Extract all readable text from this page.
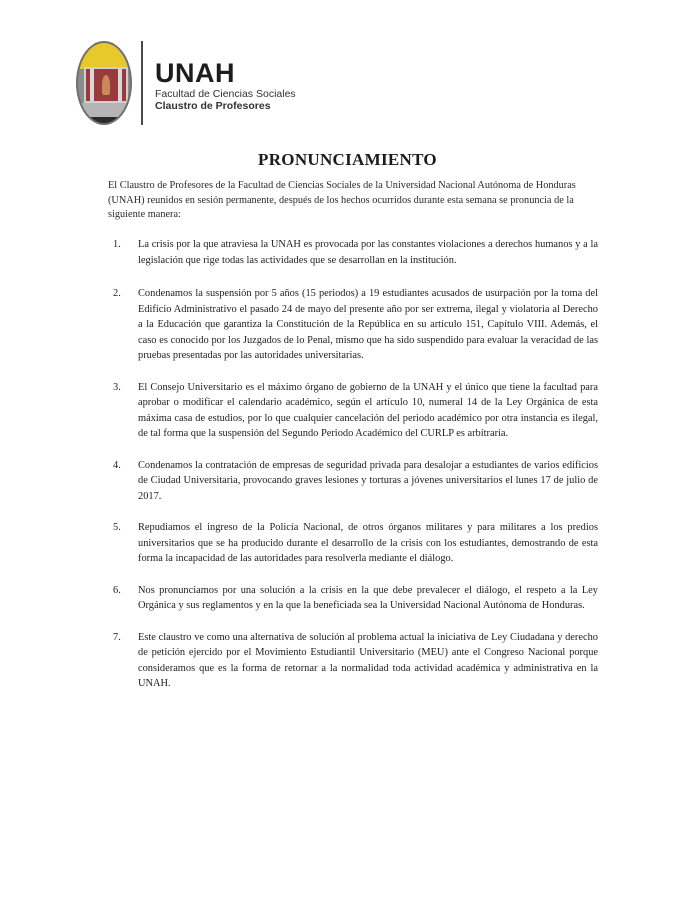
UNAH
Facultad de Ciencias Sociales
Claustro de Profesores
PRONUNCIAMIENTO

El Claustro de Profesores de la Facultad de Ciencias Sociales de la Universidad Nacional Autónoma de Honduras (UNAH) reunidos en sesión permanente, después de los hechos ocurridos durante esta semana se pronuncia de la siguiente manera:

1.	La crisis por la que atraviesa la UNAH es provocada por las constantes violaciones a derechos humanos y a la legislación que rige todas las actividades que se desarrollan en la institución.
2.	Condenamos la suspensión por 5 años (15 periodos) a 19 estudiantes acusados de usurpación por la toma del Edificio Administrativo el pasado 24 de mayo del presente año por ser extrema, ilegal y violatoria al Derecho a la Educación que garantiza la Constitución de la República en su artículo 151, Capítulo VIII. Además, el caso es conocido por los Juzgados de lo Penal, mismo que ha sido suspendido para evaluar la veracidad de las pruebas presentadas por las autoridades universitarias.
3.	El Consejo Universitario es el máximo órgano de gobierno de la UNAH y el único que tiene la facultad para aprobar o modificar el calendario académico, según el artículo 10, numeral 14 de la Ley Orgánica de esta máxima casa de estudios, por lo que cualquier cancelación del periodo académico por otra instancia es ilegal, de tal forma que la suspensión del Segundo Periodo Académico del CURLP es arbitraria.
4.	Condenamos la contratación de empresas de seguridad privada para desalojar a estudiantes de varios edificios de Ciudad Universitaria, provocando graves lesiones y torturas a jóvenes universitarios el lunes 17 de julio de 2017.
5.	Repudiamos el ingreso de la Policía Nacional, de otros órganos militares y para militares a los predios universitarios que se ha producido durante el desarrollo de la crisis con los estudiantes, demostrando de esta forma la incapacidad de las autoridades para resolverla mediante el diálogo.
6.	Nos pronunciamos por una solución a la crisis en la que debe prevalecer el diálogo, el respeto a la Ley Orgánica y sus reglamentos y en la que la beneficiada sea la Universidad Nacional Autónoma de Honduras.
7.	Este claustro ve como una alternativa de solución al problema actual la iniciativa de Ley Ciudadana y derecho de petición ejercido por el Movimiento Estudiantil Universitario (MEU) ante el Congreso Nacional porque consideramos que es la forma de retornar a la normalidad toda actividad académica y administrativa en la UNAH.
